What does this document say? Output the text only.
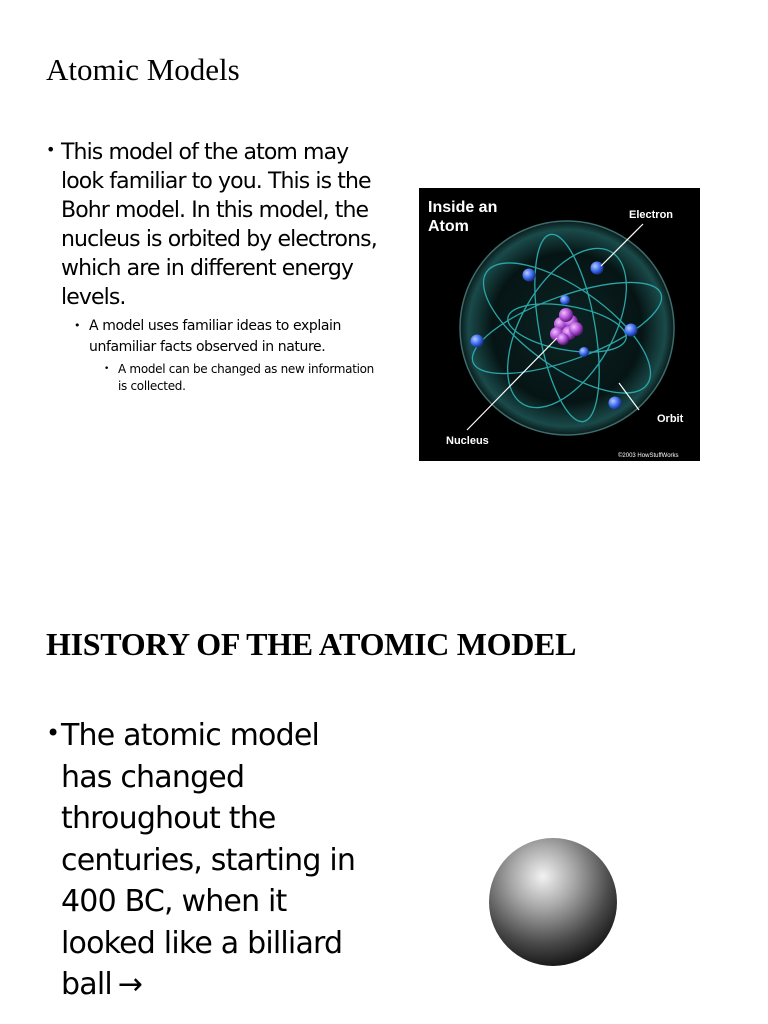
Atomic Models
• This model of the atom may look familiar to you. This is the Bohr model. In this model, the nucleus is orbited by electrons, which are in different energy levels.
• A model uses familiar ideas to explain unfamiliar facts observed in nature.
• A model can be changed as new information is collected.
Inside an
Atom
Electron
Orbit
Nucleus
©2003 HowStuffWorks
HISTORY OF THE ATOMIC MODEL
• The atomic model has changed throughout the centuries, starting in 400 BC, when it looked like a billiard ball →
